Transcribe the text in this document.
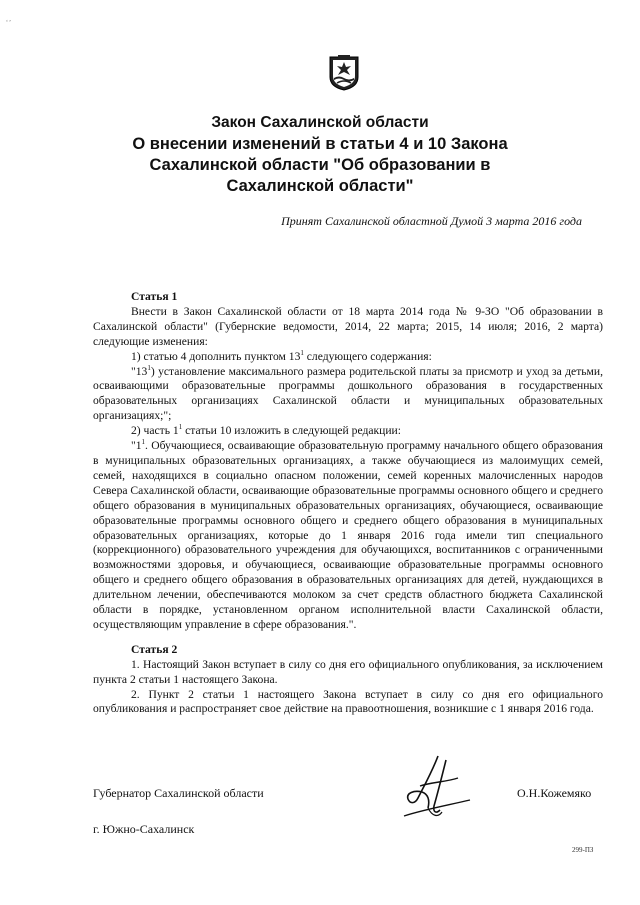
‘’
Закон Сахалинской области
О внесении изменений в статьи 4 и 10 Закона Сахалинской области "Об образовании в Сахалинской области"
Принят Сахалинской областной Думой 3 марта 2016 года

Статья 1

Внести в Закон Сахалинской области от 18 марта 2014 года № 9-ЗО "Об образовании в Сахалинской области" (Губернские ведомости, 2014, 22 марта; 2015, 14 июля; 2016, 2 марта) следующие изменения:

1) статью 4 дополнить пунктом $13^1$ следующего содержания:

"$13^1$) установление максимального размера родительской платы за присмотр и уход за детьми, осваивающими образовательные программы дошкольного образования в государственных образовательных организациях Сахалинской области и муниципальных образовательных организациях;";

2) часть $1^1$ статьи 10 изложить в следующей редакции:

"$1^1$. Обучающиеся, осваивающие образовательную программу начального общего образования в муниципальных образовательных организациях, а также обучающиеся из малоимущих семей, семей, находящихся в социально опасном положении, семей коренных малочисленных народов Севера Сахалинской области, осваивающие образовательные программы основного общего и среднего общего образования в муниципальных образовательных организациях, обучающиеся, осваивающие образовательные программы основного общего и среднего общего образования в муниципальных образовательных организациях, которые до 1 января 2016 года имели тип специального (коррекционного) образовательного учреждения для обучающихся, воспитанников с ограниченными возможностями здоровья, и обучающиеся, осваивающие образовательные программы основного общего и среднего общего образования в образовательных организациях для детей, нуждающихся в длительном лечении, обеспечиваются молоком за счет средств областного бюджета Сахалинской области в порядке, установленном органом исполнительной власти Сахалинской области, осуществляющим управление в сфере образования.".

Статья 2

1. Настоящий Закон вступает в силу со дня его официального опубликования, за исключением пункта 2 статьи 1 настоящего Закона.

2. Пункт 2 статьи 1 настоящего Закона вступает в силу со дня его официального опубликования и распространяет свое действие на правоотношения, возникшие с 1 января 2016 года.

Губернатор Сахалинской области	О.Н.Кожемяко
г. Южно-Сахалинск
299-ПЗ
